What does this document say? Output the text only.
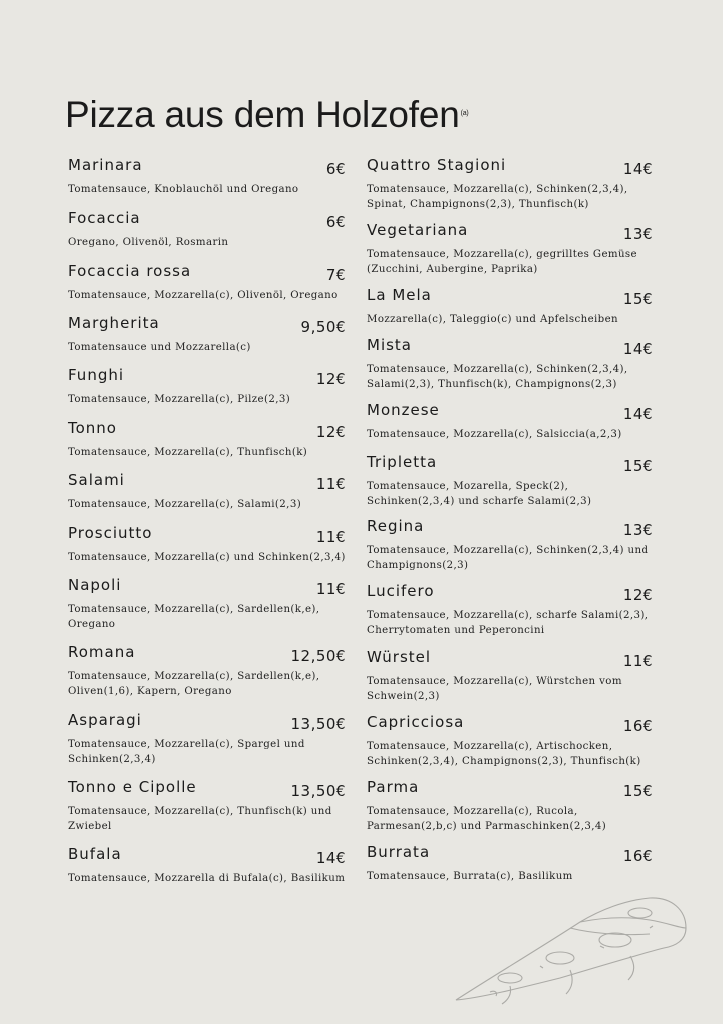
Pizza aus dem Holzofen$^{(a)}$
Marinara	6€
Tomatensauce, Knoblauchöl und Oregano
Focaccia	6€
Oregano, Olivenöl, Rosmarin
Focaccia rossa	7€
Tomatensauce, Mozzarella(c), Olivenöl, Oregano
Margherita	9,50€
Tomatensauce und Mozzarella(c)
Funghi	12€
Tomatensauce, Mozzarella(c), Pilze(2,3)
Tonno	12€
Tomatensauce, Mozzarella(c), Thunfisch(k)
Salami	11€
Tomatensauce, Mozzarella(c), Salami(2,3)
Prosciutto	11€
Tomatensauce, Mozzarella(c) und Schinken(2,3,4)
Napoli	11€
Tomatensauce, Mozzarella(c), Sardellen(k,e), Oregano
Romana	12,50€
Tomatensauce, Mozzarella(c), Sardellen(k,e), Oliven(1,6), Kapern, Oregano
Asparagi	13,50€
Tomatensauce, Mozzarella(c), Spargel und Schinken(2,3,4)
Tonno e Cipolle	13,50€
Tomatensauce, Mozzarella(c), Thunfisch(k) und Zwiebel
Bufala	14€
Tomatensauce, Mozzarella di Bufala(c), Basilikum
Quattro Stagioni	14€
Tomatensauce, Mozzarella(c), Schinken(2,3,4), Spinat, Champignons(2,3), Thunfisch(k)
Vegetariana	13€
Tomatensauce, Mozzarella(c), gegrilltes Gemüse (Zucchini, Aubergine, Paprika)
La Mela	15€
Mozzarella(c), Taleggio(c) und Apfelscheiben
Mista	14€
Tomatensauce, Mozzarella(c), Schinken(2,3,4), Salami(2,3), Thunfisch(k), Champignons(2,3)
Monzese	14€
Tomatensauce, Mozzarella(c), Salsiccia(a,2,3)
Tripletta	15€
Tomatensauce, Mozarella, Speck(2), Schinken(2,3,4) und scharfe Salami(2,3)
Regina	13€
Tomatensauce, Mozzarella(c), Schinken(2,3,4) und Champignons(2,3)
Lucifero	12€
Tomatensauce, Mozzarella(c), scharfe Salami(2,3), Cherrytomaten und Peperoncini
Würstel	11€
Tomatensauce, Mozzarella(c), Würstchen vom Schwein(2,3)
Capricciosa	16€
Tomatensauce, Mozzarella(c), Artischocken, Schinken(2,3,4), Champignons(2,3), Thunfisch(k)
Parma	15€
Tomatensauce, Mozzarella(c), Rucola, Parmesan(2,b,c) und Parmaschinken(2,3,4)
Burrata	16€
Tomatensauce, Burrata(c), Basilikum
